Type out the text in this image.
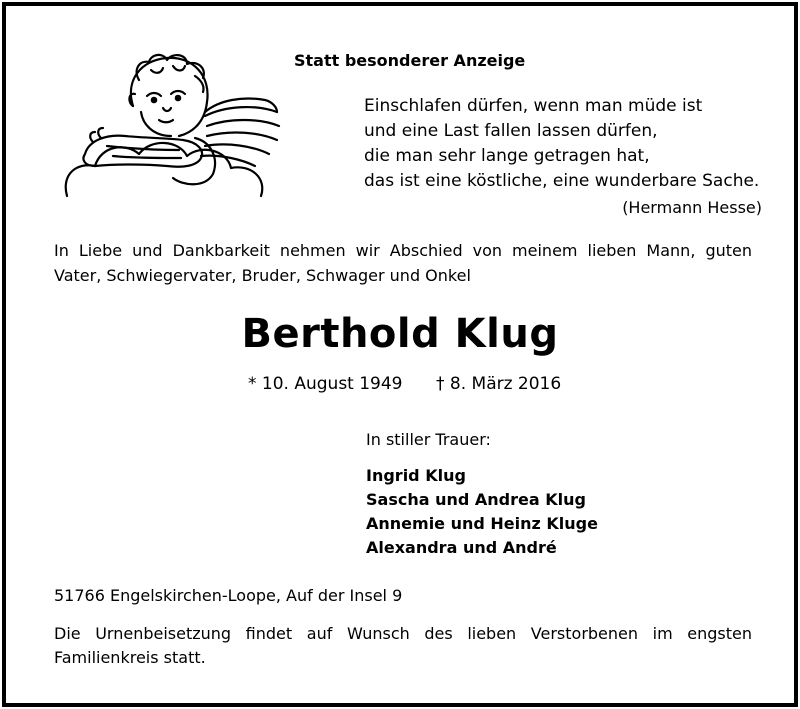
Statt besonderer Anzeige
Einschlafen dürfen, wenn man müde ist
und eine Last fallen lassen dürfen,
die man sehr lange getragen hat,
das ist eine köstliche, eine wunderbare Sache.
(Hermann Hesse)
In Liebe und Dankbarkeit nehmen wir Abschied von meinem lieben Mann, guten
Vater, Schwiegervater, Bruder, Schwager und Onkel
Berthold Klug
* 10. August 1949 † 8. März 2016
In stiller Trauer:
Ingrid Klug
Sascha und Andrea Klug
Annemie und Heinz Kluge
Alexandra und André
51766 Engelskirchen-Loope, Auf der Insel 9
Die Urnenbeisetzung findet auf Wunsch des lieben Verstorbenen im engsten
Familienkreis statt.
